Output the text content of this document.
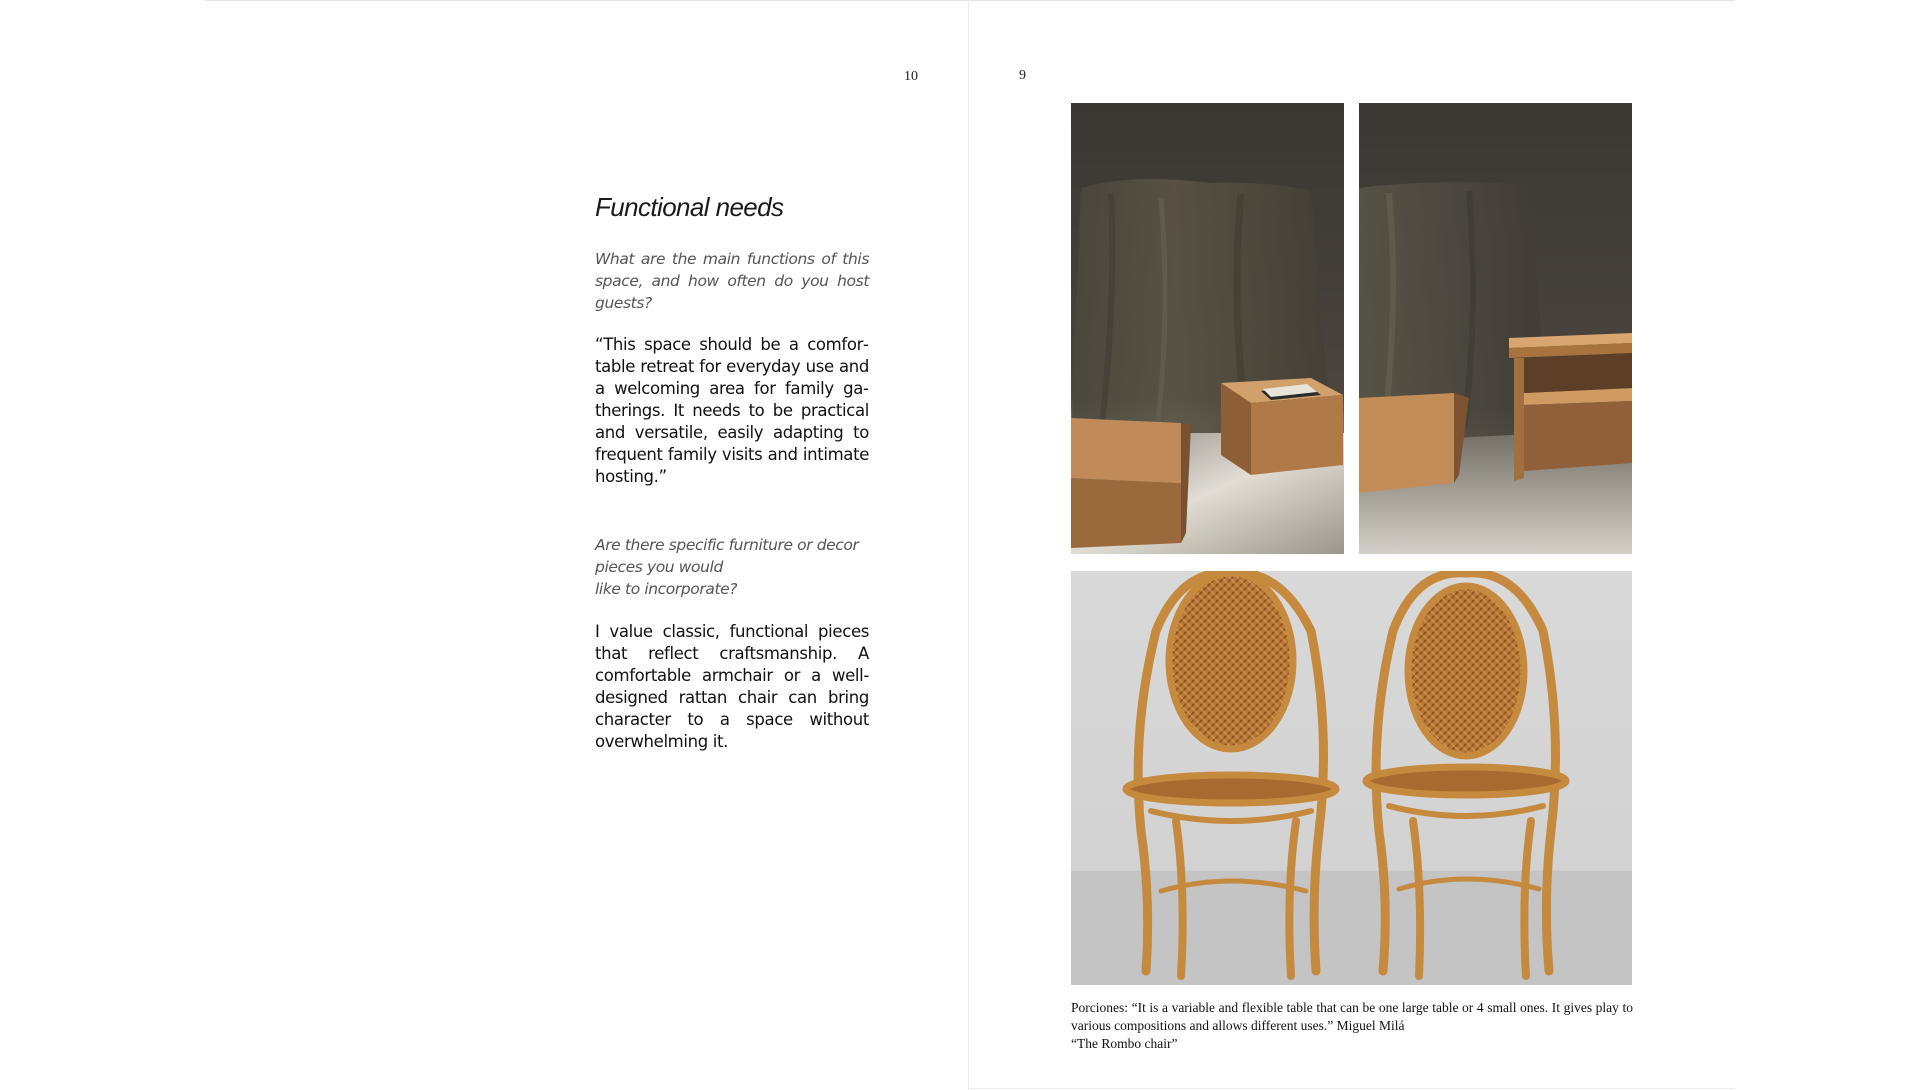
10
Functional needs

What are the main functions of this space, and how often do you host guests?

“This space should be a comfortable retreat for everyday use and a welcoming area for family gatherings. It needs to be practical and versatile, easily adapting to frequent family visits and intimate hosting.”

Are there specific furniture or decor pieces you would
like to incorporate?

I value classic, functional pieces that reflect craftsmanship. A comfortable armchair or a well-designed rattan chair can bring character to a space without overwhelming it.

9

Porciones: “It is a variable and flexible table that can be one large table or 4 small ones. It gives play to various compositions and allows different uses.” Miguel Milá
“The Rombo chair”
